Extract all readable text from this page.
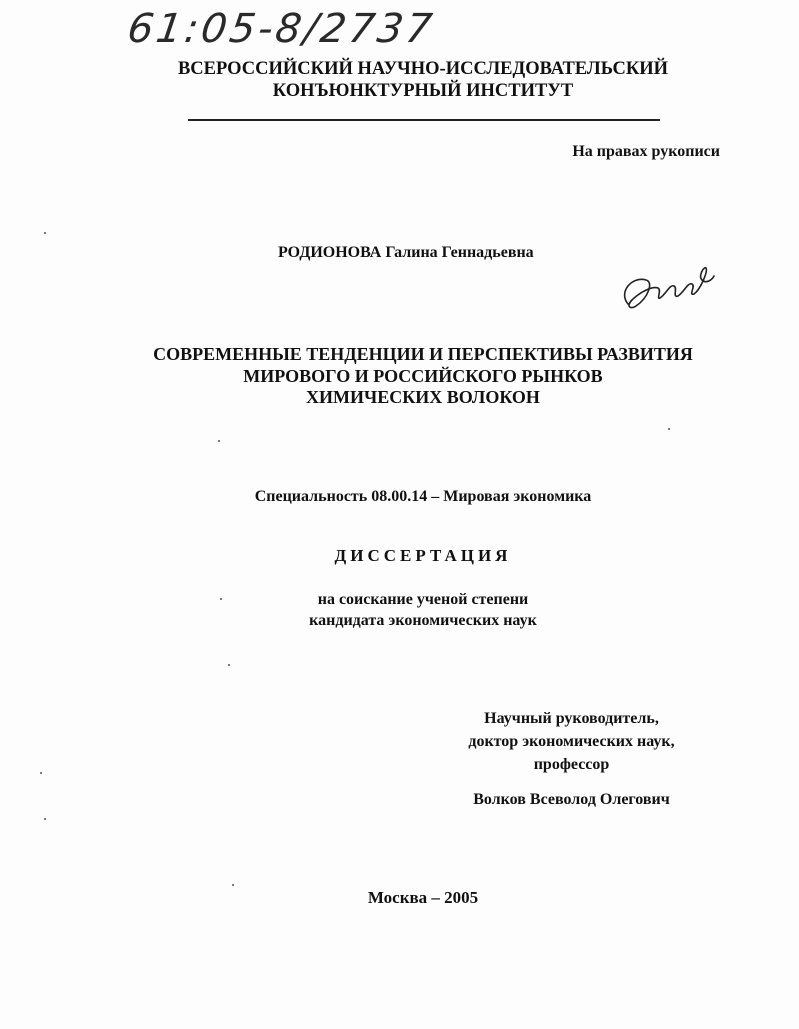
61:05-8/2737
ВСЕРОССИЙСКИЙ НАУЧНО-ИССЛЕДОВАТЕЛЬСКИЙ
КОНЪЮНКТУРНЫЙ ИНСТИТУТ
На правах рукописи
РОДИОНОВА Галина Геннадьевна
СОВРЕМЕННЫЕ ТЕНДЕНЦИИ И ПЕРСПЕКТИВЫ РАЗВИТИЯ
МИРОВОГО И РОССИЙСКОГО РЫНКОВ
ХИМИЧЕСКИХ ВОЛОКОН
Специальность 08.00.14 – Мировая экономика
ДИССЕРТАЦИЯ
на соискание ученой степени
кандидата экономических наук
Научный руководитель,
доктор экономических наук,
профессор
Волков Всеволод Олегович
Москва – 2005
